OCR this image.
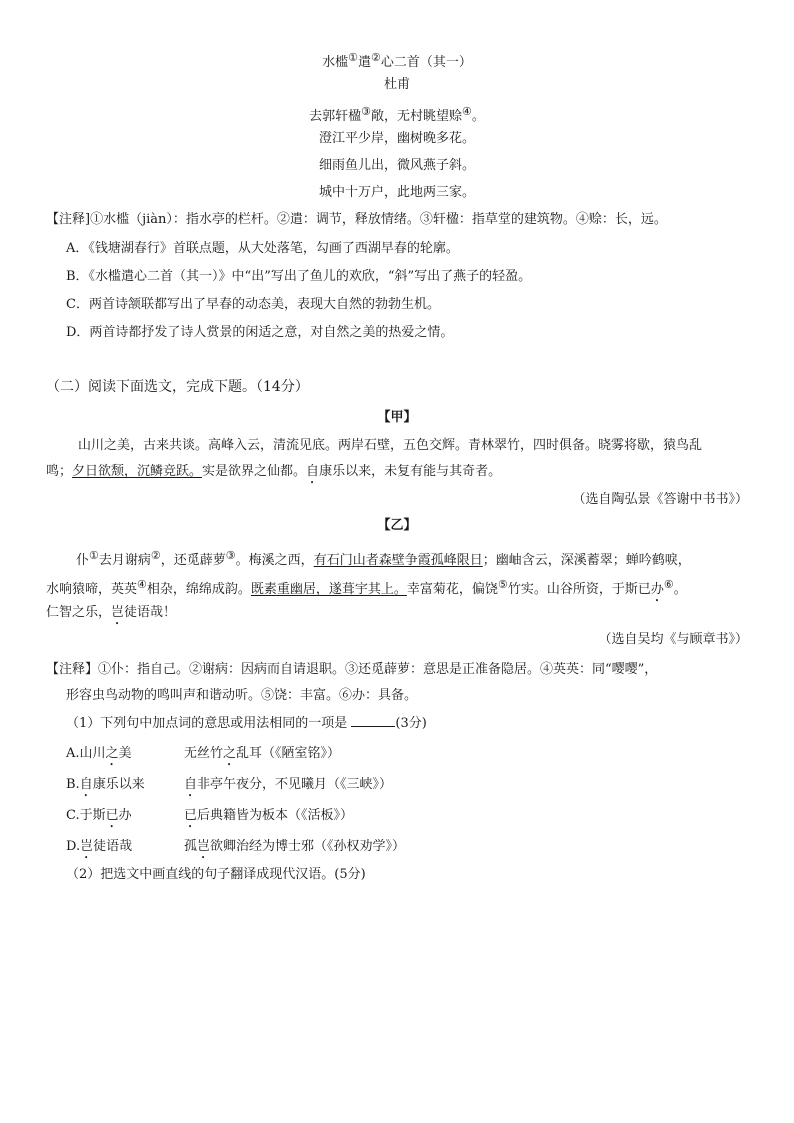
水槛①遣②心二首（其一）
杜甫
去郭轩楹③敞，无村眺望赊④。
澄江平少岸，幽树晚多花。
细雨鱼儿出，微风燕子斜。
城中十万户，此地两三家。
【注释]①水槛（jiàn）：指水亭的栏杆。②遣：调节，释放情绪。③轩楹：指草堂的建筑物。④赊：长，远。
A．《钱塘湖春行》首联点题，从大处落笔，勾画了西湖早春的轮廓。
B．《水槛遣心二首（其一）》中“出”写出了鱼儿的欢欣，“斜”写出了燕子的轻盈。
C．两首诗颔联都写出了早春的动态美，表现大自然的勃勃生机。
D．两首诗都抒发了诗人赏景的闲适之意，对自然之美的热爱之情。
（二）阅读下面选文，完成下题。（14分）
【甲】
山川之美，古来共谈。高峰入云，清流见底。两岸石壁，五色交辉。青林翠竹，四时俱备。晓雾将歇，猿鸟乱
鸣；夕日欲颓，沉鳞竞跃。实是欲界之仙都。自康乐以来，未复有能与其奇者。
（选自陶弘景《答谢中书书》）
【乙】
仆①去月谢病②，还觅薜萝③。梅溪之西，有石门山者森壁争霞孤峰限日；幽岫含云，深溪蓄翠；蝉吟鹤唳，
水响猿啼，英英④相杂，绵绵成韵。既素重幽居，遂葺宇其上。幸富菊花，偏饶⑤竹实。山谷所资，于斯已办⑥。
仁智之乐，岂徒语哉！
（选自吴均《与顾章书》）
【注释】①仆：指自己。②谢病：因病而自请退职。③还觅薜萝：意思是正准备隐居。④英英：同“嘤嘤”，
形容虫鸟动物的鸣叫声和谐动听。⑤饶：丰富。⑥办：具备。
（1）下列句中加点词的意思或用法相同的一项是	(3分)
A.山川之美	无丝竹之乱耳（《陋室铭》）
B.自康乐以来	自非亭午夜分，不见曦月（《三峡》）
C.于斯已办	已后典籍皆为板本（《活板》）
D.岂徒语哉	孤岂欲卿治经为博士邪（《孙权劝学》）
（2）把选文中画直线的句子翻译成现代汉语。(5分)
